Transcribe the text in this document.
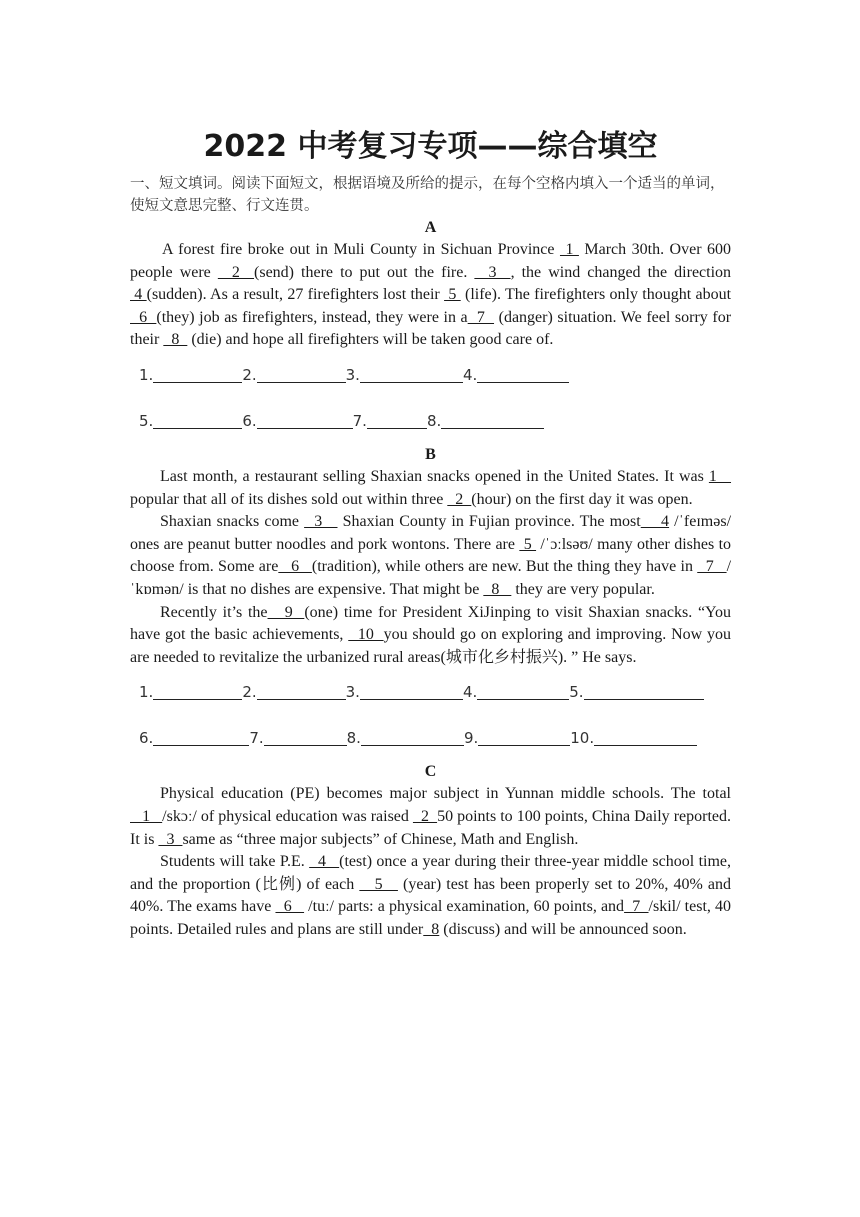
2022 中考复习专项——综合填空
一、短文填词。阅读下面短文，根据语境及所给的提示，在每个空格内填入一个适当的单词，使短文意思完整、行文连贯。
A

A forest fire broke out in Muli County in Sichuan Province  1  March 30th. Over 600 people were   2  (send) there to put out the fire.   3  , the wind changed the direction  4 (sudden). As a result, 27 firefighters lost their  5  (life). The firefighters only thought about   6  (they) job as firefighters, instead, they were in a  7   (danger) situation. We feel sorry for their   8   (die) and hope all firefighters will be taken good care of.

1.	2.	3.	4.
5.	6.	7.	8.
B

Last month, a restaurant selling Shaxian snacks opened in the United States. It was 1    popular that all of its dishes sold out within three   2  (hour) on the first day it was open.

Shaxian snacks come   3    Shaxian County in Fujian province. The most    4 /ˈfeɪməs/ ones are peanut butter noodles and pork wontons. There are  5  /ˈɔːlsəʊ/ many other dishes to choose from. Some are   6   (tradition), while others are new. But the thing they have in   7   /ˈkɒmən/ is that no dishes are expensive. That might be   8    they are very popular.

Recently it’s the   9  (one) time for President XiJinping to visit Shaxian snacks. “You have got the basic achievements,   10  you should go on exploring and improving. Now you are needed to revitalize the urbanized rural areas(城市化乡村振兴). ” He says.

1.	2.	3.	4.	5.
6.	7.	8.	9.	10.
C

Physical education (PE) becomes major subject in Yunnan middle schools. The total   1   /skɔː/ of physical education was raised   2  50 points to 100 points, China Daily reported. It is   3  same as “three major subjects” of Chinese, Math and English.

Students will take P.E.   4   (test) once a year during their three-year middle school time, and the proportion (比例) of each    5    (year) test has been properly set to 20%, 40% and 40%. The exams have   6    /tuː/ parts: a physical examination, 60 points, and  7  /skil/ test, 40 points. Detailed rules and plans are still under  8 (discuss) and will be announced soon.
